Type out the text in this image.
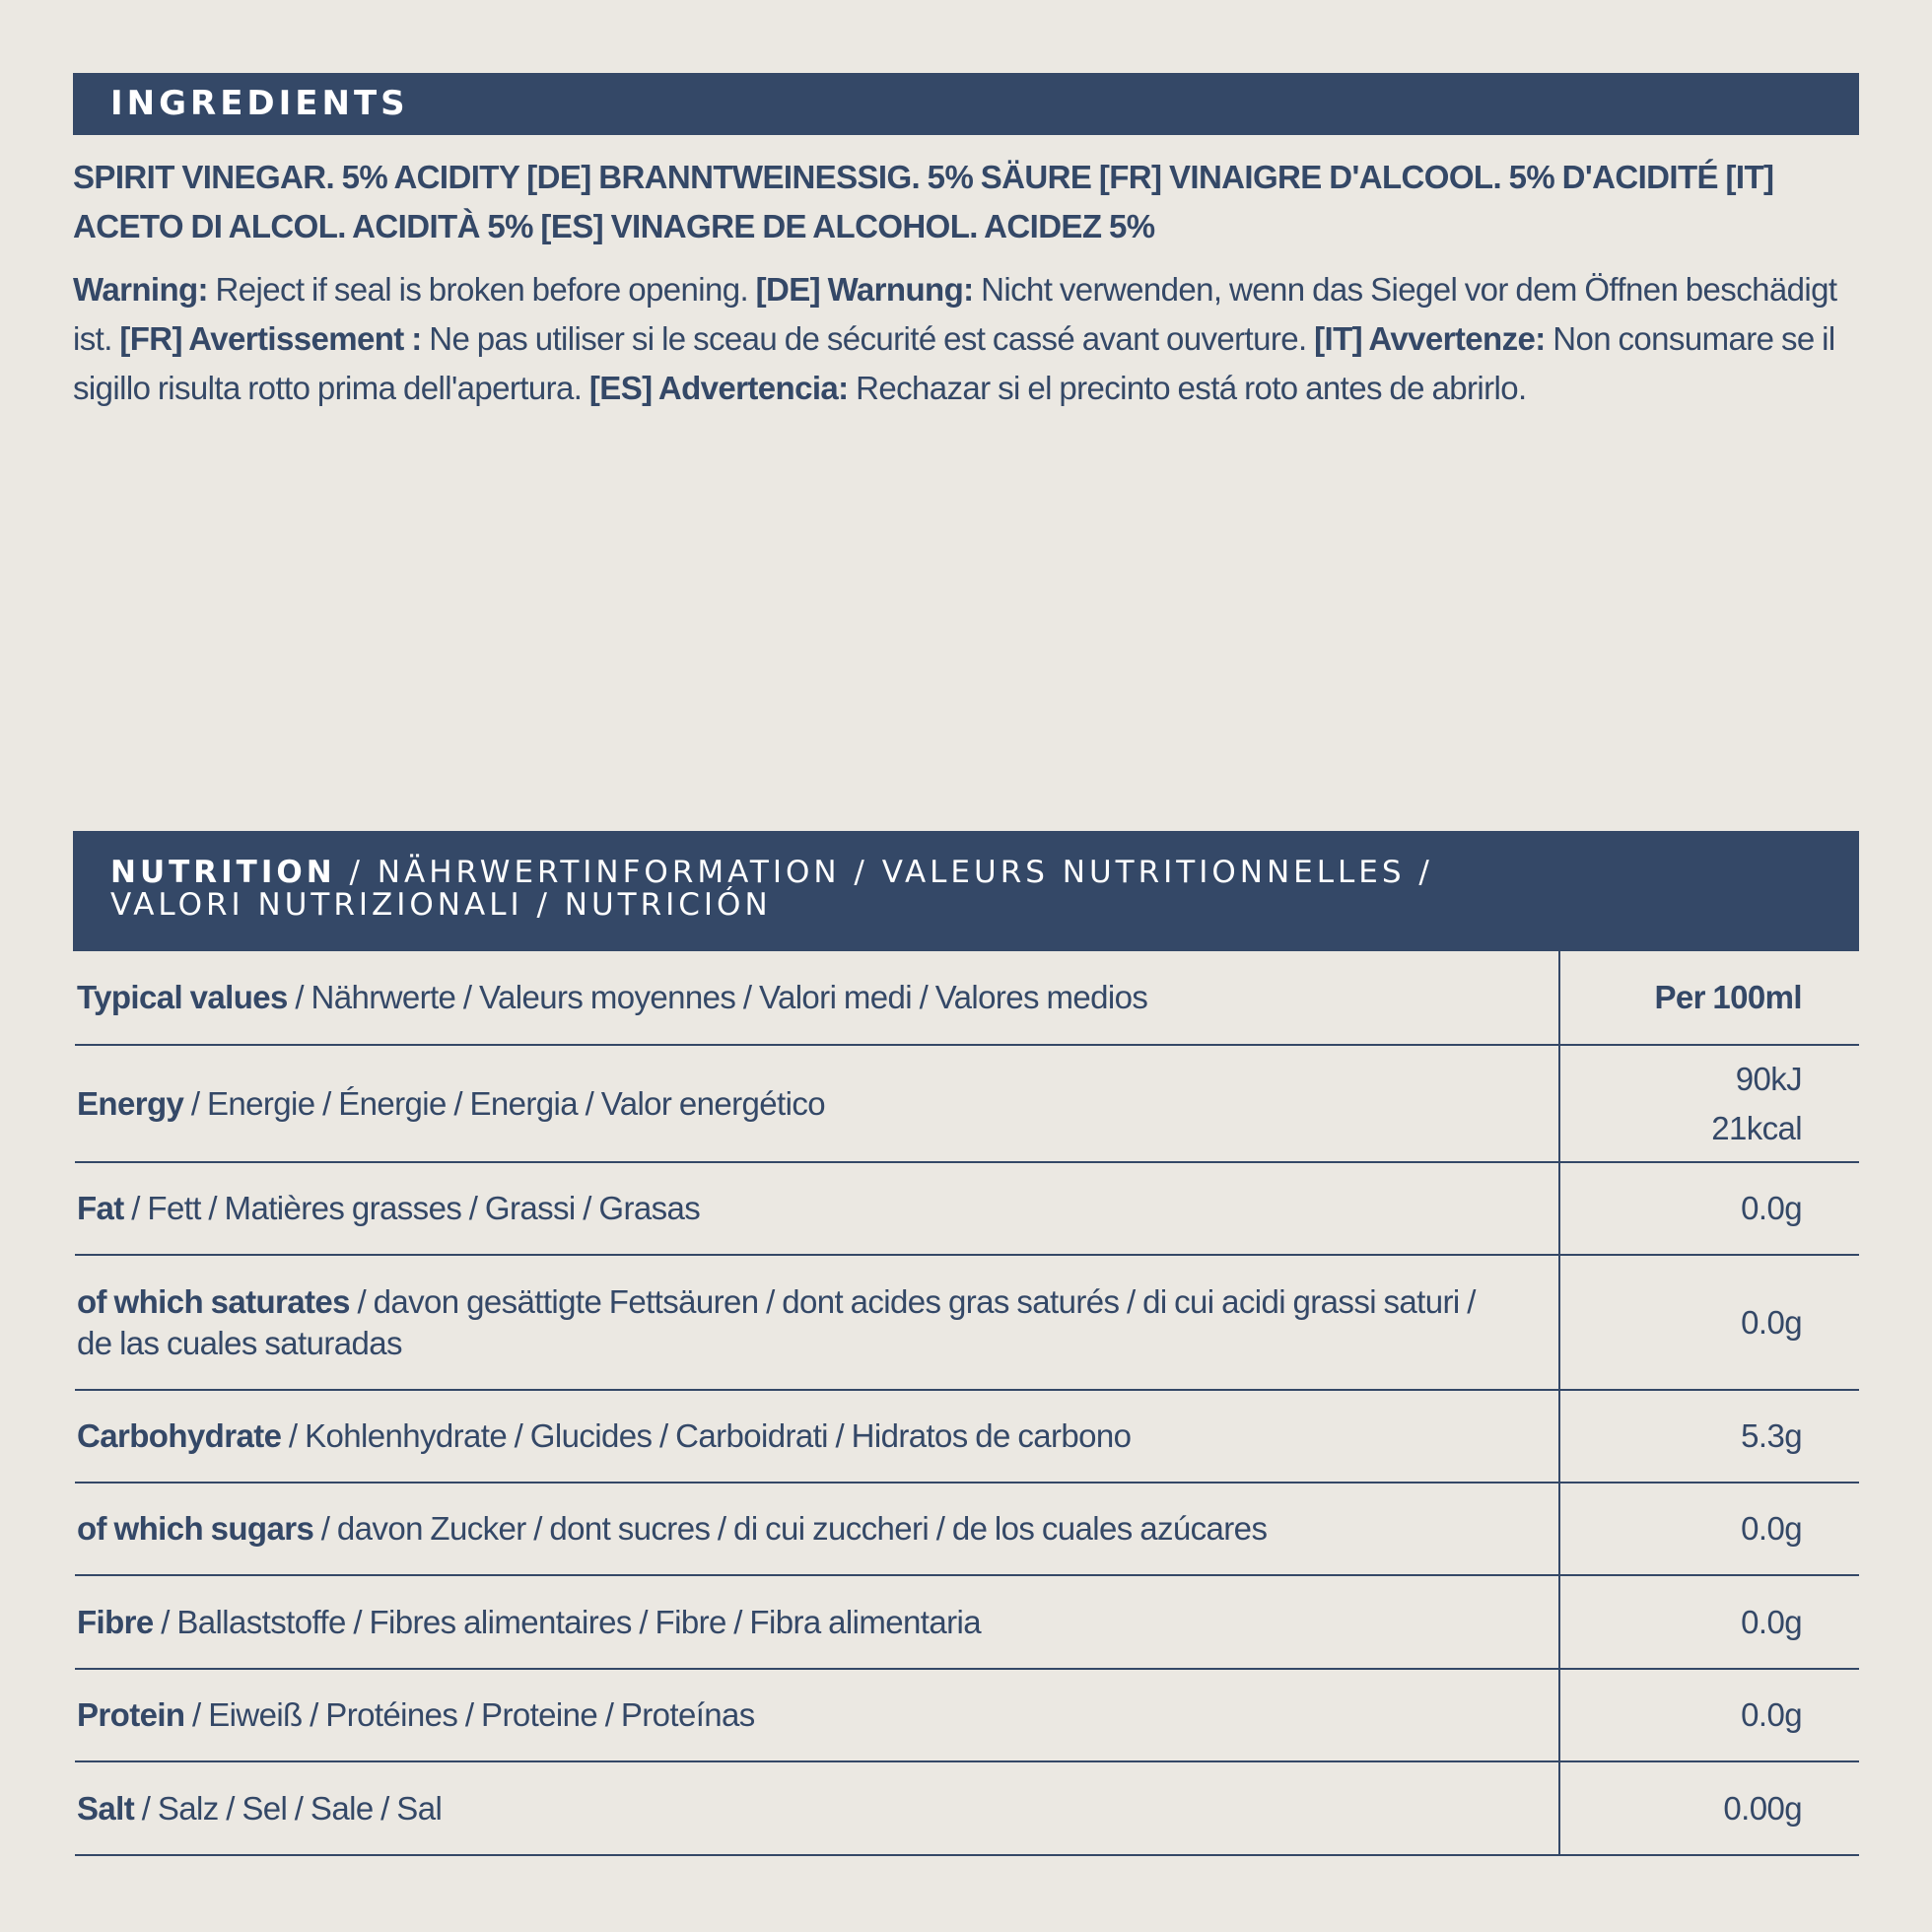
INGREDIENTS
SPIRIT VINEGAR. 5% ACIDITY [DE] BRANNTWEINESSIG. 5% SÄURE [FR] VINAIGRE D'ALCOOL. 5% D'ACIDITÉ [IT] ACETO DI ALCOL. ACIDITÀ 5% [ES] VINAGRE DE ALCOHOL. ACIDEZ 5%
Warning: Reject if seal is broken before opening. [DE] Warnung: Nicht verwenden, wenn das Siegel vor dem Öffnen beschädigt ist. [FR] Avertissement : Ne pas utiliser si le sceau de sécurité est cassé avant ouverture. [IT] Avvertenze: Non consumare se il sigillo risulta rotto prima dell'apertura. [ES] Advertencia: Rechazar si el precinto está roto antes de abrirlo.
NUTRITION / NÄHRWERTINFORMATION / VALEURS NUTRITIONNELLES /
VALORI NUTRIZIONALI / NUTRICIÓN
Typical values / Nährwerte / Valeurs moyennes / Valori medi / Valores medios	Per 100ml
Energy / Energie / Énergie / Energia / Valor energético	90kJ
21kcal

Fat / Fett / Matières grasses / Grassi / Grasas	0.0g

of which saturates / davon gesättigte Fettsäuren / dont acides gras saturés / di cui acidi grassi saturi /
de las cuales saturadas	0.0g
Carbohydrate / Kohlenhydrate / Glucides / Carboidrati / Hidratos de carbono	5.3g
of which sugars / davon Zucker / dont sucres / di cui zuccheri / de los cuales azúcares	0.0g
Fibre / Ballaststoffe / Fibres alimentaires / Fibre / Fibra alimentaria	0.0g
Protein / Eiweiß / Protéines / Proteine / Proteínas	0.0g
Salt / Salz / Sel / Sale / Sal	0.00g
